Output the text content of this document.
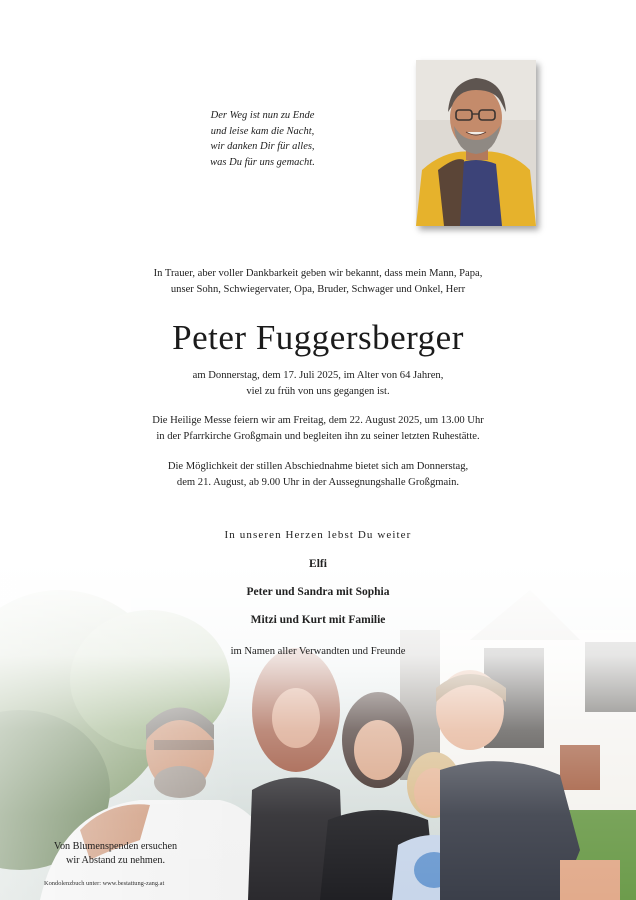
Der Weg ist nun zu Ende
und leise kam die Nacht,
wir danken Dir für alles,
was Du für uns gemacht.
In Trauer, aber voller Dankbarkeit geben wir bekannt, dass mein Mann, Papa,
unser Sohn, Schwiegervater, Opa, Bruder, Schwager und Onkel, Herr
Peter Fuggersberger
am Donnerstag, dem 17. Juli 2025, im Alter von 64 Jahren,
viel zu früh von uns gegangen ist.
Die Heilige Messe feiern wir am Freitag, dem 22. August 2025, um 13.00 Uhr
in der Pfarrkirche Großgmain und begleiten ihn zu seiner letzten Ruhestätte.
Die Möglichkeit der stillen Abschiednahme bietet sich am Donnerstag,
dem 21. August, ab 9.00 Uhr in der Aussegnungshalle Großgmain.
In unseren Herzen lebst Du weiter
Elfi
Peter und Sandra mit Sophia
Mitzi und Kurt mit Familie
im Namen aller Verwandten und Freunde
Von Blumenspenden ersuchen
wir Abstand zu nehmen.
Kondolenzbuch unter: www.bestattung-zang.at
